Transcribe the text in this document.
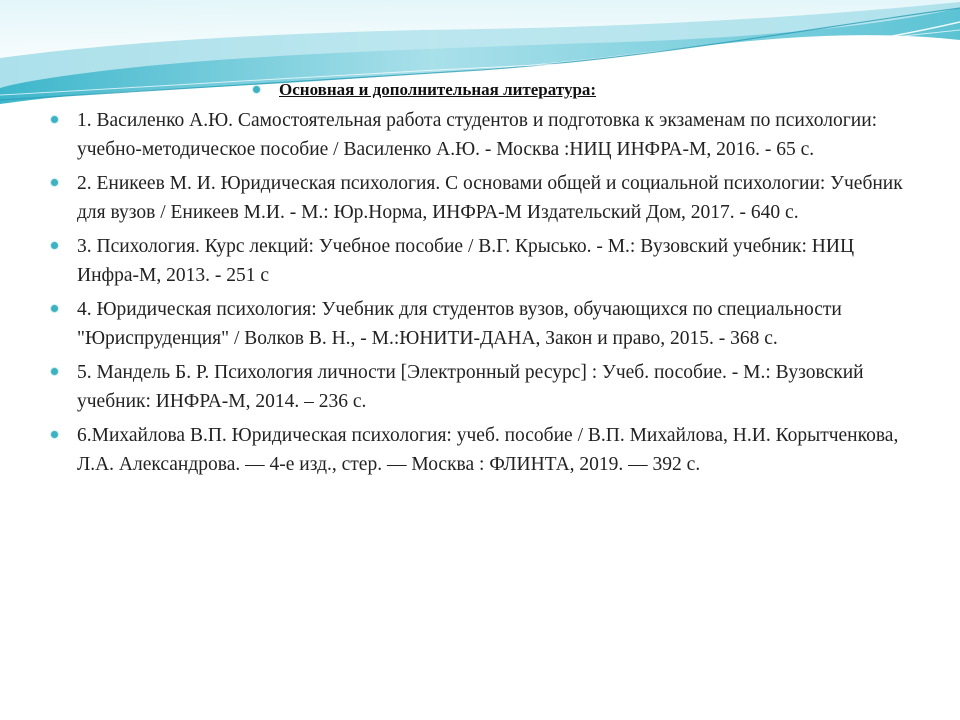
Основная и дополнительная литература:
1. Василенко А.Ю. Самостоятельная работа студентов и подготовка к экзаменам по психологии: учебно-методическое пособие / Василенко А.Ю. - Москва :НИЦ ИНФРА-М, 2016. - 65 с.
2. Еникеев М. И. Юридическая психология. С основами общей и социальной психологии: Учебник для вузов / Еникеев М.И. - М.: Юр.Норма, ИНФРА-М Издательский Дом, 2017. - 640 с.
3. Психология. Курс лекций: Учебное пособие / В.Г. Крысько. - М.: Вузовский учебник: НИЦ Инфра-М, 2013. - 251 с
4. Юридическая психология: Учебник для студентов вузов, обучающихся по специальности "Юриспруденция" / Волков В. Н., - М.:ЮНИТИ-ДАНА, Закон и право, 2015. - 368 с.
5. Мандель Б. Р. Психология личности [Электронный ресурс] : Учеб. пособие. - М.: Вузовский учебник: ИНФРА-М, 2014. – 236 с.
6.Михайлова В.П. Юридическая психология: учеб. пособие / В.П. Михайлова, Н.И. Корытченкова, Л.А. Александрова. — 4-е изд., стер. — Москва : ФЛИНТА, 2019. — 392 с.
